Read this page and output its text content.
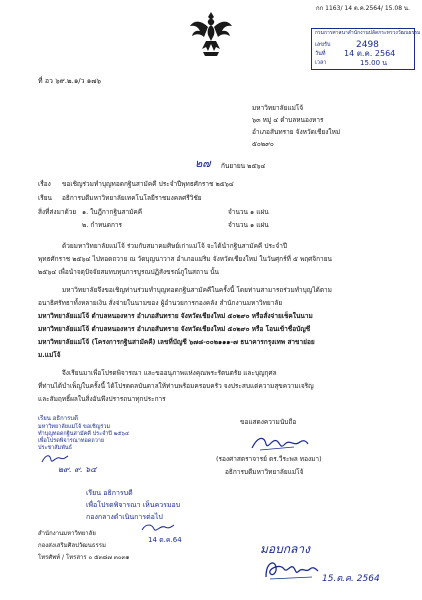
กก 1163/ 14 ต.ค.2564/ 15.08 น.
กรมการศาสนาสำนักงานปลัดกระทรวงวัฒนธรรม
เลขรับ	2498
วันที่ 14 ต.ค. 2564
เวลา	15.00 น
ที่ อว ๖๙.๒.๑/ว ๑๗๖
มหาวิทยาลัยแม่โจ้
๖๓ หมู่ ๔ ตำบลหนองหาร
อำเภอสันทราย จังหวัดเชียงใหม่
๕๐๒๙๐
๒๗ กันยายน ๒๕๖๔
เรื่อง ขอเชิญร่วมทำบุญทอดกฐินสามัคคี ประจำปีพุทธศักราช ๒๕๖๔
เรียน อธิการบดีมหาวิทยาลัยเทคโนโลยีราชมงคลศรีวิชัย
สิ่งที่ส่งมาด้วย ๑. ใบฎีกากฐินสามัคคี	จำนวน ๑ แผ่น
๒. กำหนดการ	จำนวน ๑ แผ่น
ด้วยมหาวิทยาลัยแม่โจ้ ร่วมกับสมาคมศิษย์เก่าแม่โจ้ จะได้นำกฐินสามัคคี ประจำปี
พุทธศักราช ๒๕๖๔ ไปทอดถวาย ณ วัดบุญนาวาส อำเภอแม่ริม จังหวัดเชียงใหม่ ในวันศุกร์ที่ ๕ พฤศจิกายน
๒๕๖๔ เพื่อนำจตุปัจจัยสมทบทุนการบูรณปฏิสังขรณ์ภูในสถาน นั้น
มหาวิทยาลัยจึงขอเชิญท่านร่วมทำบุญทอดกฐินสามัคคีในครั้งนี้ โดยท่านสามารถร่วมทำบุญได้ตาม
อนาธิศรัทธาทั้งหลายเงิน สั่งจ่ายในนามของ ผู้อำนวยการกองคลัง สำนักงานมหาวิทยาลัย
มหาวิทยาลัยแม่โจ้ ตำบลหนองหาร อำเภอสันทราย จังหวัดเชียงใหม่ ๕๐๒๙๐ หรือสั่งจ่ายเช็คในนาม
มหาวิทยาลัยแม่โจ้ ตำบลหนองหาร อำเภอสันทราย จังหวัดเชียงใหม่ ๕๐๒๙๐ หรือ โอนเข้าชื่อบัญชี
มหาวิทยาลัยแม่โจ้ (โครงการกฐินสามัคคี) เลขที่บัญชี ๖๗๘-๐๐๒๑๑๑-๗ ธนาคารกรุงเทพ สาขาย่อย
ม.แม่โจ้
จึงเรียนมาเพื่อโปรดพิจารณา และขออนุภาพแห่งคุณพระรัตนตรัย และบุญกุศล
ที่ท่านได้บำเพ็ญในครั้งนี้ ได้โปรดดลบันดาลให้ท่านพร้อมครอบครัว จงประสบแต่ความสุขความเจริญ
และสัมฤทธิ์ผลในสิ่งอันพึงปรารถนาทุกประการ
ขอแสดงความนับถือ
(รองศาสตราจารย์ ดร.วีระพล ทองมา)
อธิการบดีมหาวิทยาลัยแม่โจ้
เรียน อธิการบดี
มหาวิทยาลัยแม่โจ้ ขอเชิญร่วม
ทำบุญทอดกฐินสามัคคี ประจำปี ๒๕๖๔
เพื่อโปรดพิจารณาทอดถวาย
ประชาสัมพันธ์
๒๙. ๙. ๖๔
เรียน อธิการบดี
เพื่อโปรดพิจารณา เห็นควรมอบ
กองกลางดำเนินการต่อไป
14 ต.ค.64
สำนักงานมหาวิทยาลัย
กองส่งเสริมศิลปวัฒนธรรม
โทรศัพท์ / โทรสาร ๐ ๕๓๘๗ ๓๐๓๑
มอบกลาง
15.ต.ค. 2564
